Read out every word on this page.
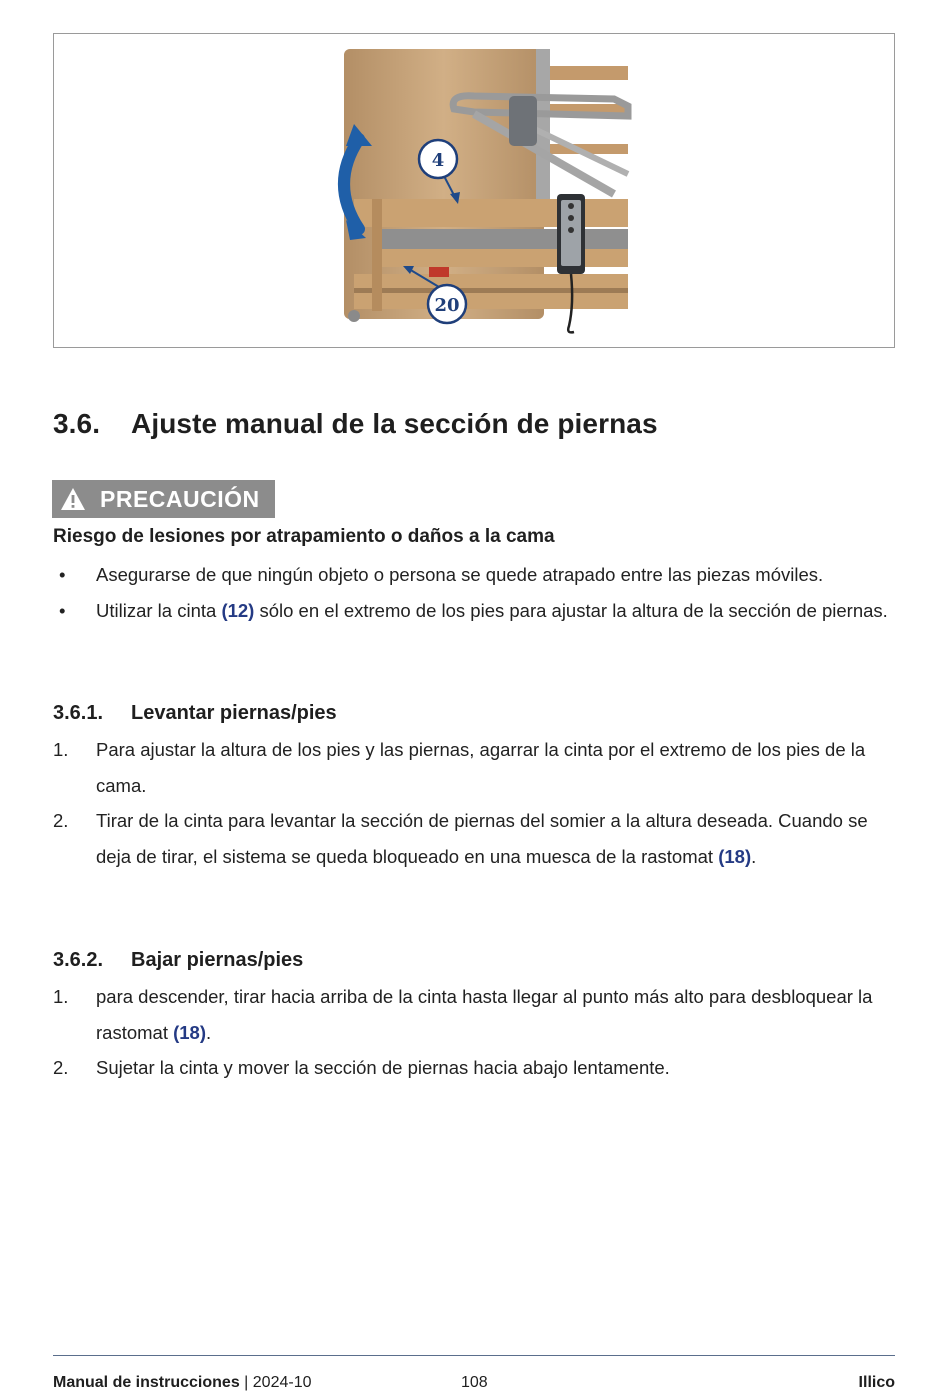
4
20
3.6. Ajuste manual de la sección de piernas
PRECAUCIÓN

Riesgo de lesiones por atrapamiento o daños a la cama

• Asegurarse de que ningún objeto o persona se quede atrapado entre las piezas móviles.
• Utilizar la cinta (12) sólo en el extremo de los pies para ajustar la altura de la sección de piernas.
3.6.1. Levantar piernas/pies
1. Para ajustar la altura de los pies y las piernas, agarrar la cinta por el extremo de los pies de la cama.
2. Tirar de la cinta para levantar la sección de piernas del somier a la altura deseada. Cuando se deja de tirar, el sistema se queda bloqueado en una muesca de la rastomat (18).
3.6.2. Bajar piernas/pies
1. para descender, tirar hacia arriba de la cinta hasta llegar al punto más alto para desbloquear la rastomat (18).
2. Sujetar la cinta y mover la sección de piernas hacia abajo lentamente.
Manual de instrucciones | 2024-10	108	Illico
